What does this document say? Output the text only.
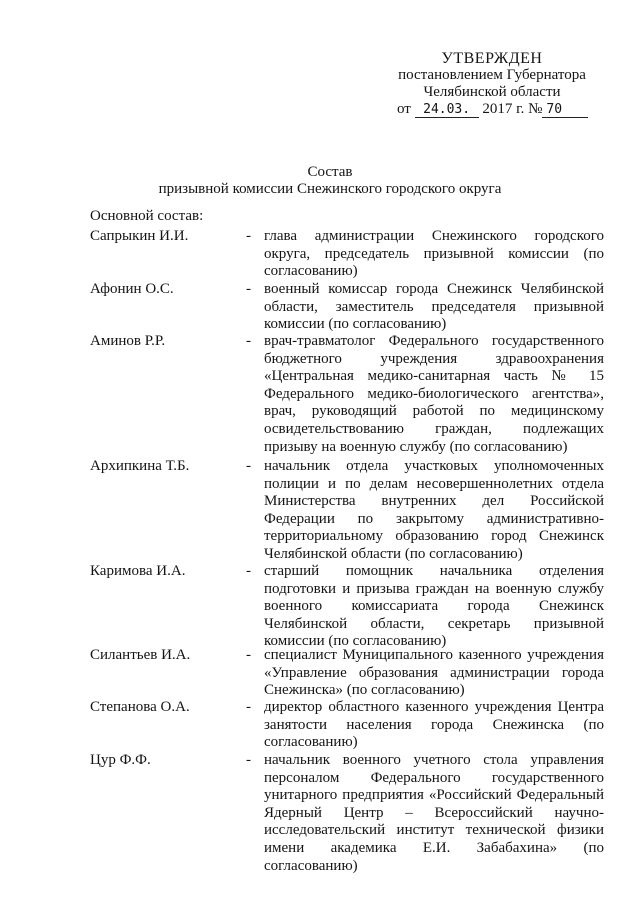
УТВЕРЖДЕН
постановлением Губернатора
Челябинской области
от 24.03. 2017 г. № 70
Состав
призывной комиссии Снежинского городского округа
Основной состав:
Сапрыкин И.И.	- глава администрации Снежинского городского округа, председатель призывной комиссии (по согласованию)
Афонин О.С.	- военный комиссар города Снежинск Челябинской области, заместитель председателя призывной комиссии (по согласованию)
Аминов Р.Р.	- врач-травматолог Федерального государственного бюджетного учреждения здравоохранения «Центральная медико-санитарная часть № 15 Федерального медико-биологического агентства», врач, руководящий работой по медицинскому освидетельствованию граждан, подлежащих призыву на военную службу (по согласованию)
Архипкина Т.Б.	- начальник отдела участковых уполномоченных полиции и по делам несовершеннолетних отдела Министерства внутренних дел Российской Федерации по закрытому административно-территориальному образованию город Снежинск Челябинской области (по согласованию)
Каримова И.А.	- старший помощник начальника отделения подготовки и призыва граждан на военную службу военного комиссариата города Снежинск Челябинской области, секретарь призывной комиссии (по согласованию)
Силантьев И.А.	- специалист Муниципального казенного учреждения «Управление образования администрации города Снежинска» (по согласованию)
Степанова О.А.	- директор областного казенного учреждения Центра занятости населения города Снежинска (по согласованию)
Цур Ф.Ф.	- начальник военного учетного стола управления персоналом Федерального государственного унитарного предприятия «Российский Федеральный Ядерный Центр – Всероссийский научно-исследовательский институт технической физики имени академика Е.И. Забабахина» (по согласованию)
